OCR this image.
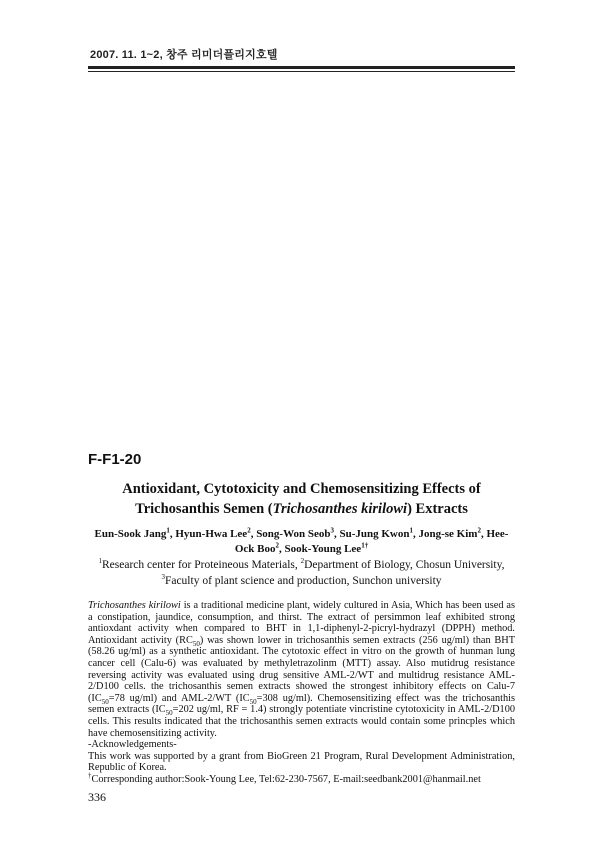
2007. 11. 1~2, 창주 리미더플리지호텔
F-F1-20
Antioxidant, Cytotoxicity and Chemosensitizing Effects of
Trichosanthis Semen (Trichosanthes kirilowi) Extracts
Eun-Sook Jang$^1$, Hyun-Hwa Lee$^2$, Song-Won Seob$^3$, Su-Jung Kwon$^1$, Jong-se Kim$^2$, Hee-Ock Boo$^2$, Sook-Young Lee$^{1\dagger}$
$^1$Research center for Proteineous Materials, $^2$Department of Biology, Chosun University,
$^3$Faculty of plant science and production, Sunchon university

Trichosanthes kirilowi is a traditional medicine plant, widely cultured in Asia, Which has been used as a constipation, jaundice, consumption, and thirst. The extract of persimmon leaf exhibited strong antioxdant activity when compared to BHT in 1,1-diphenyl-2-picryl-hydrazyl (DPPH) method. Antioxidant activity $(RC_{50})$ was shown lower in trichosanthis semen extracts (256 ug/ml) than BHT (58.26 ug/ml) as a synthetic antioxidant. The cytotoxic effect in vitro on the growth of hunman lung cancer cell (Calu-6) was evaluated by methyletrazolinm (MTT) assay. Also mutidrug resistance reversing activity was evaluated using drug sensitive AML-2/WT and multidrug resistance AML-2/D100 cells. the trichosanthis semen extracts showed the strongest inhibitory effects on Calu-7 ($IC_{50}=78$ ug/ml) and AML-2/WT ($IC_{50}=308$ ug/ml). Chemosensitizing effect was the trichosanthis semen extracts ($IC_{50}=202$ ug/ml, RF = 1.4) strongly potentiate vincristine cytotoxicity in AML-2/D100 cells. This results indicated that the trichosanthis semen extracts would contain some princples which have chemosensitizing activity.

-Acknowledgements-

This work was supported by a grant from BioGreen 21 Program, Rural Development Administration, Republic of Korea.

†Corresponding author:Sook-Young Lee, Tel:62-230-7567, E-mail:seedbank2001@hanmail.net

336
